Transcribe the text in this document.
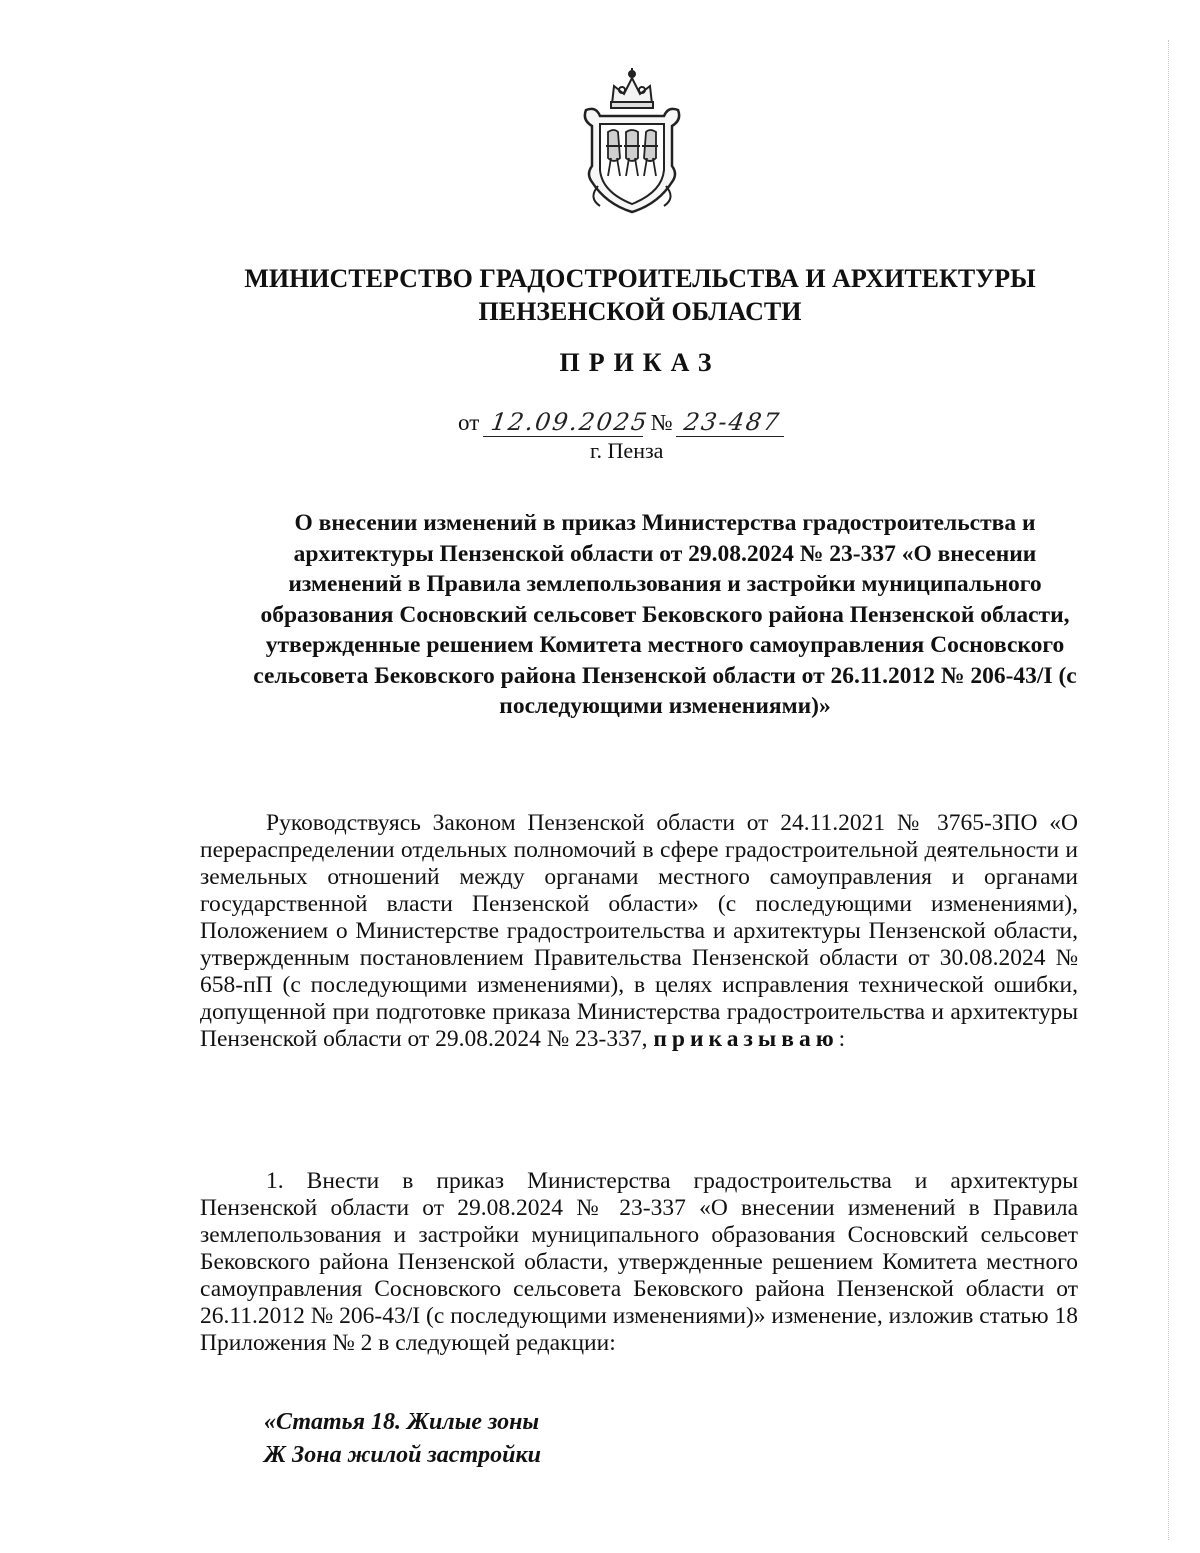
МИНИСТЕРСТВО ГРАДОСТРОИТЕЛЬСТВА И АРХИТЕКТУРЫ
ПЕНЗЕНСКОЙ ОБЛАСТИ
ПРИКАЗ
от 12.09.2025 № 23-487
г. Пенза
О внесении изменений в приказ Министерства градостроительства и архитектуры Пензенской области от 29.08.2024 № 23-337 «О внесении изменений в Правила землепользования и застройки муниципального образования Сосновский сельсовет Бековского района Пензенской области, утвержденные решением Комитета местного самоуправления Сосновского сельсовета Бековского района Пензенской области от 26.11.2012 № 206-43/I (с последующими изменениями)»
Руководствуясь Законом Пензенской области от 24.11.2021 № 3765-ЗПО «О перераспределении отдельных полномочий в сфере градостроительной деятельности и земельных отношений между органами местного самоуправления и органами государственной власти Пензенской области» (с последующими изменениями), Положением о Министерстве градостроительства и архитектуры Пензенской области, утвержденным постановлением Правительства Пензенской области от 30.08.2024 № 658-пП (с последующими изменениями), в целях исправления технической ошибки, допущенной при подготовке приказа Министерства градостроительства и архитектуры Пензенской области от 29.08.2024 № 23-337, приказываю:
1. Внести в приказ Министерства градостроительства и архитектуры Пензенской области от 29.08.2024 № 23-337 «О внесении изменений в Правила землепользования и застройки муниципального образования Сосновский сельсовет Бековского района Пензенской области, утвержденные решением Комитета местного самоуправления Сосновского сельсовета Бековского района Пензенской области от 26.11.2012 № 206-43/I (с последующими изменениями)» изменение, изложив статью 18 Приложения № 2 в следующей редакции:
«Статья 18. Жилые зоны
Ж Зона жилой застройки
